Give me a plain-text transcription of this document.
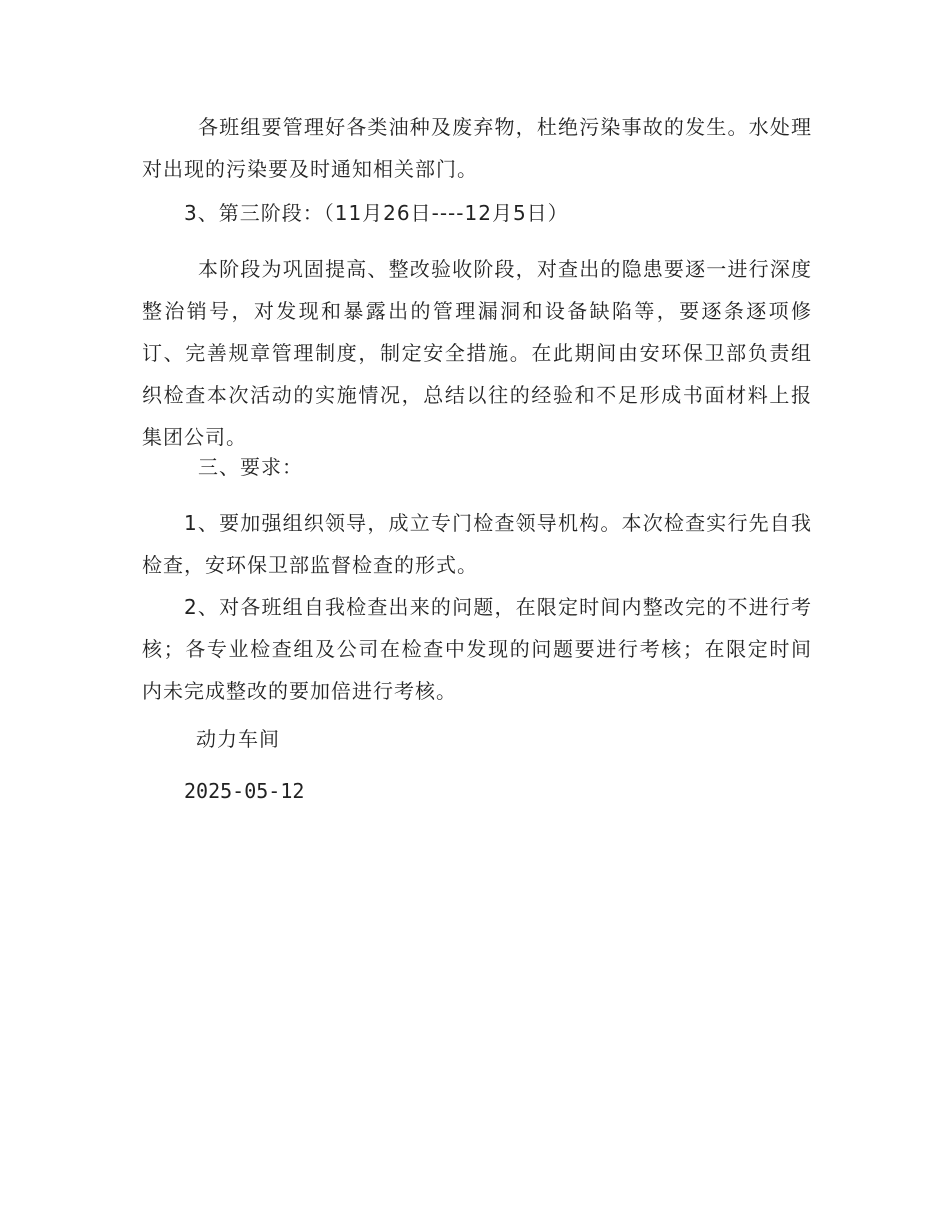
各班组要管理好各类油种及废弃物，杜绝污染事故的发生。水处理对出现的污染要及时通知相关部门。
3、第三阶段：（11月26日----12月5日）
本阶段为巩固提高、整改验收阶段，对查出的隐患要逐一进行深度整治销号，对发现和暴露出的管理漏洞和设备缺陷等，要逐条逐项修订、完善规章管理制度，制定安全措施。在此期间由安环保卫部负责组织检查本次活动的实施情况，总结以往的经验和不足形成书面材料上报集团公司。
三、要求：
1、要加强组织领导，成立专门检查领导机构。本次检查实行先自我检查，安环保卫部监督检查的形式。
2、对各班组自我检查出来的问题，在限定时间内整改完的不进行考核；各专业检查组及公司在检查中发现的问题要进行考核；在限定时间内未完成整改的要加倍进行考核。
动力车间
2025-05-12
